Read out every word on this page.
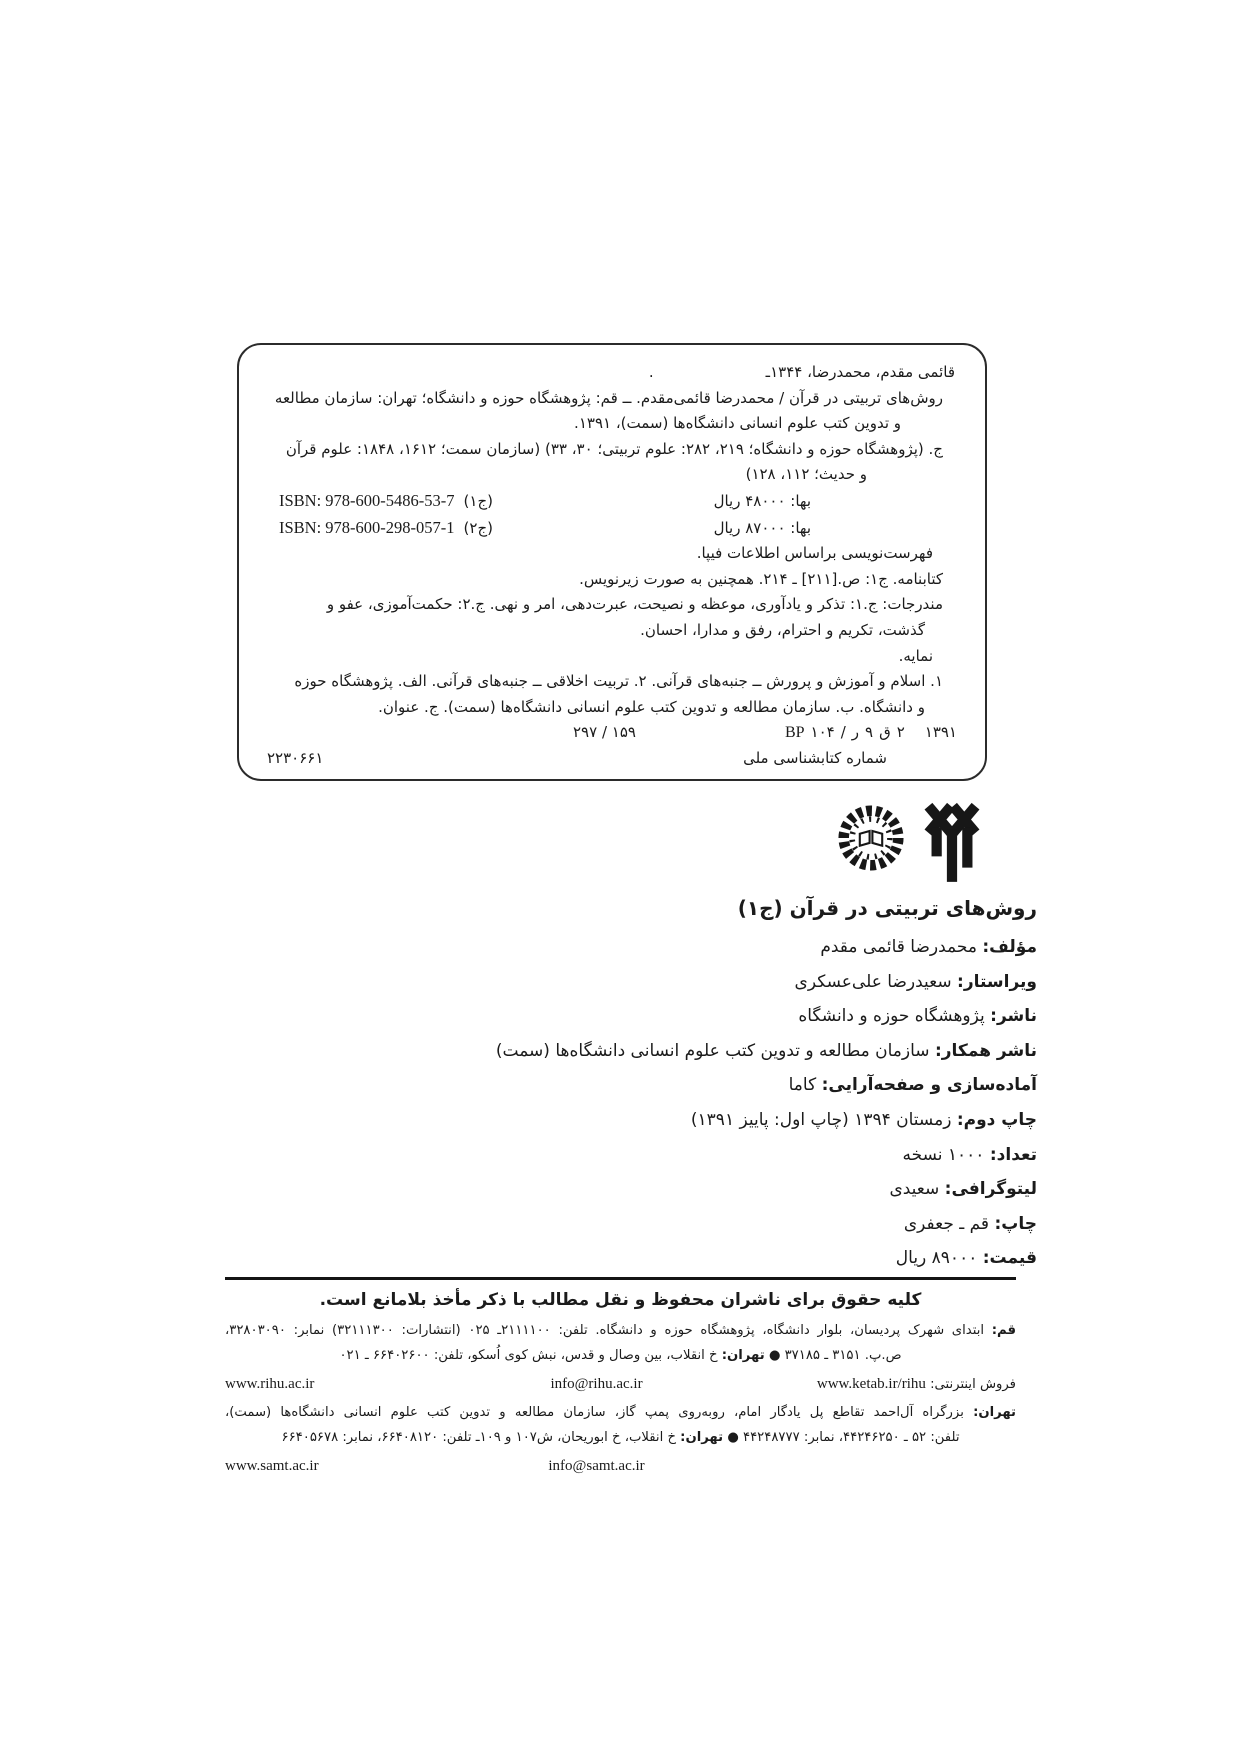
قائمی مقدم، محمدرضا، ۱۳۴۴ـ
.
روش‌های تربیتی در قرآن / محمدرضا قائمی‌مقدم. ــ قم: پژوهشگاه حوزه و دانشگاه؛ تهران: سازمان مطالعه
و تدوین کتب علوم انسانی دانشگاه‌ها (سمت)، ۱۳۹۱.
ج. (پژوهشگاه حوزه و دانشگاه؛ ۲۱۹، ۲۸۲: علوم تربیتی؛ ۳۰، ۳۳) (سازمان سمت؛ ۱۶۱۲، ۱۸۴۸: علوم قرآن
و حدیث؛ ۱۱۲، ۱۲۸)
بها: ۴۸۰۰۰ ریال
ISBN: 978-600-5486-53-7 (ج۱)
بها: ۸۷۰۰۰ ریال
ISBN: 978-600-298-057-1 (ج۲)
فهرست‌نویسی براساس اطلاعات فیپا.
کتابنامه. ج۱: ص.[۲۱۱] ـ ۲۱۴. همچنین به صورت زیرنویس.
مندرجات: ج.۱: تذکر و یادآوری، موعظه و نصیحت، عبرت‌دهی، امر و نهی. ج.۲: حکمت‌آموزی، عفو و
گذشت، تکریم و احترام، رفق و مدارا، احسان.
نمایه.
۱. اسلام و آموزش و پرورش ــ جنبه‌های قرآنی. ۲. تربیت اخلاقی ــ جنبه‌های قرآنی. الف. پژوهشگاه حوزه
و دانشگاه. ب. سازمان مطالعه و تدوین کتب علوم انسانی دانشگاه‌ها (سمت). ج. عنوان.
۲۹۷ / ۱۵۹	BP ۱۰۴ / ر ۹ ق ۲ ۱۳۹۱
شماره کتابشناسی ملی
۲۲۳۰۶۶۱
روش‌های تربیتی در قرآن (ج۱)
مؤلف: محمدرضا قائمی مقدم
ویراستار: سعیدرضا علی‌عسکری
ناشر: پژوهشگاه حوزه و دانشگاه
ناشر همکار: سازمان مطالعه و تدوین کتب علوم انسانی دانشگاه‌ها (سمت)
آماده‌سازی و صفحه‌آرایی: کاما
چاپ دوم: زمستان ۱۳۹۴ (چاپ اول: پاییز ۱۳۹۱)
تعداد: ۱۰۰۰ نسخه
لیتوگرافی: سعیدی
چاپ: قم ـ جعفری
قیمت: ۸۹۰۰۰ ریال
کلیه حقوق برای ناشران محفوظ و نقل مطالب با ذکر مأخذ بلامانع است.
قم: ابتدای شهرک پردیسان، بلوار دانشگاه، پژوهشگاه حوزه و دانشگاه. تلفن: ۲۱۱۱۱۰۰ـ ۰۲۵ (انتشارات: ۳۲۱۱۱۳۰۰) نمابر: ۳۲۸۰۳۰۹۰،
ص.پ. ۳۱۵۱ ـ ۳۷۱۸۵ ● تهران: خ انقلاب، بین وصال و قدس، نبش کوی اُسکو، تلفن: ۶۶۴۰۲۶۰۰ ـ ۰۲۱
www.rihu.ac.ir	info@rihu.ac.ir	فروش اینترنتی: www.ketab.ir/rihu
تهران: بزرگراه آل‌احمد تقاطع پل یادگار امام، روبه‌روی پمپ گاز، سازمان مطالعه و تدوین کتب علوم انسانی دانشگاه‌ها (سمت)،
تلفن: ۵۲ ـ ۴۴۲۴۶۲۵۰، نمابر: ۴۴۲۴۸۷۷۷ ● تهران: خ انقلاب، خ ابوریحان، ش۱۰۷ و ۱۰۹ـ تلفن: ۶۶۴۰۸۱۲۰، نمابر: ۶۶۴۰۵۶۷۸
www.samt.ac.ir	info@samt.ac.ir
